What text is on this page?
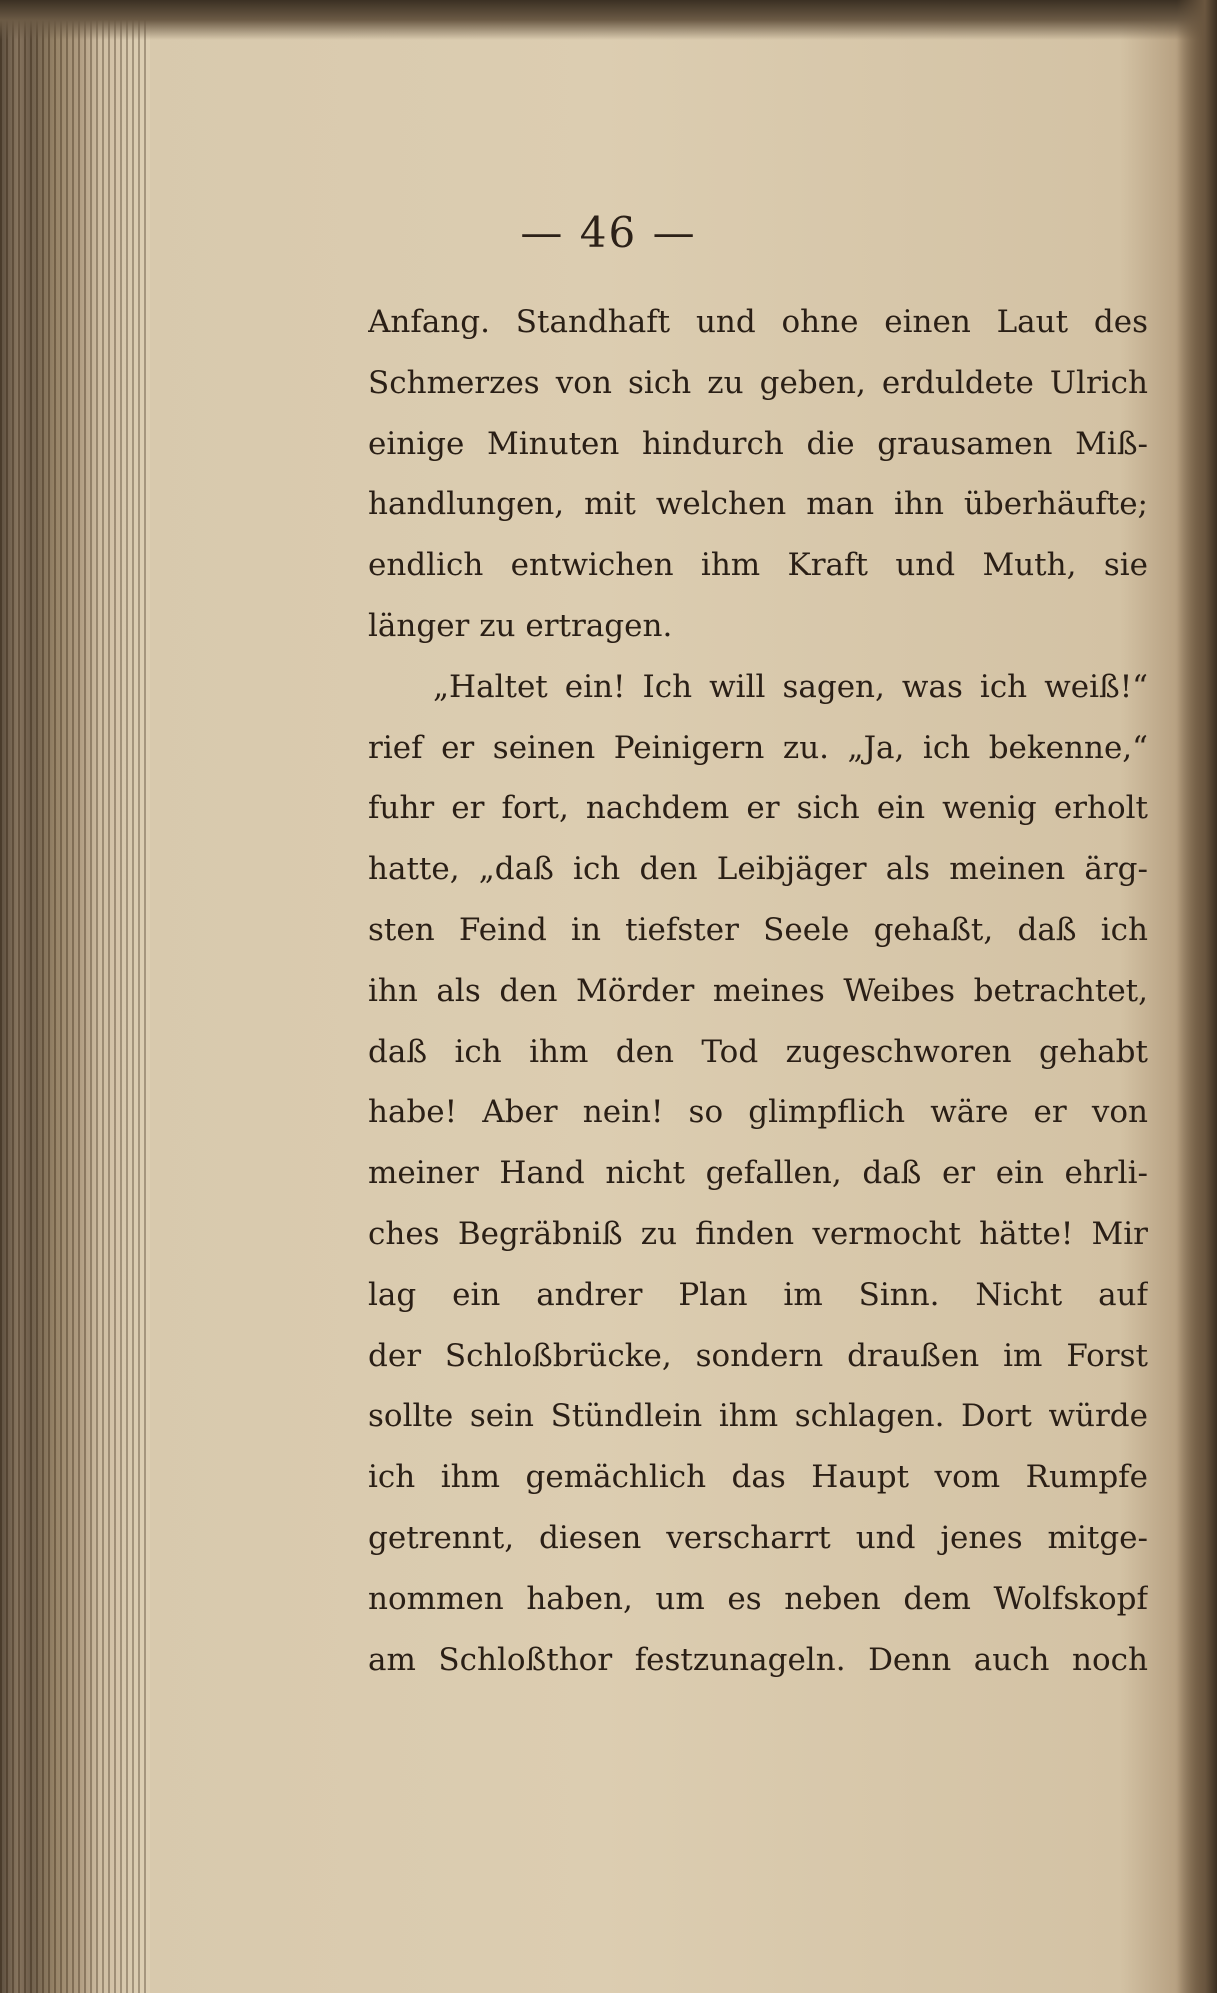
— 46 —
Anfang. Standhaft und ohne einen Laut des
Schmerzes von sich zu geben, erduldete Ulrich
einige Minuten hindurch die grausamen Miß-
handlungen, mit welchen man ihn überhäufte;
endlich entwichen ihm Kraft und Muth, sie
länger zu ertragen.
„Haltet ein! Ich will sagen, was ich weiß!“
rief er seinen Peinigern zu. „Ja, ich bekenne,“
fuhr er fort, nachdem er sich ein wenig erholt
hatte, „daß ich den Leibjäger als meinen ärg-
sten Feind in tiefster Seele gehaßt, daß ich
ihn als den Mörder meines Weibes betrachtet,
daß ich ihm den Tod zugeschworen gehabt
habe! Aber nein! so glimpflich wäre er von
meiner Hand nicht gefallen, daß er ein ehrli-
ches Begräbniß zu finden vermocht hätte! Mir
lag ein andrer Plan im Sinn. Nicht auf
der Schloßbrücke, sondern draußen im Forst
sollte sein Stündlein ihm schlagen. Dort würde
ich ihm gemächlich das Haupt vom Rumpfe
getrennt, diesen verscharrt und jenes mitge-
nommen haben, um es neben dem Wolfskopf
am Schloßthor festzunageln. Denn auch noch
